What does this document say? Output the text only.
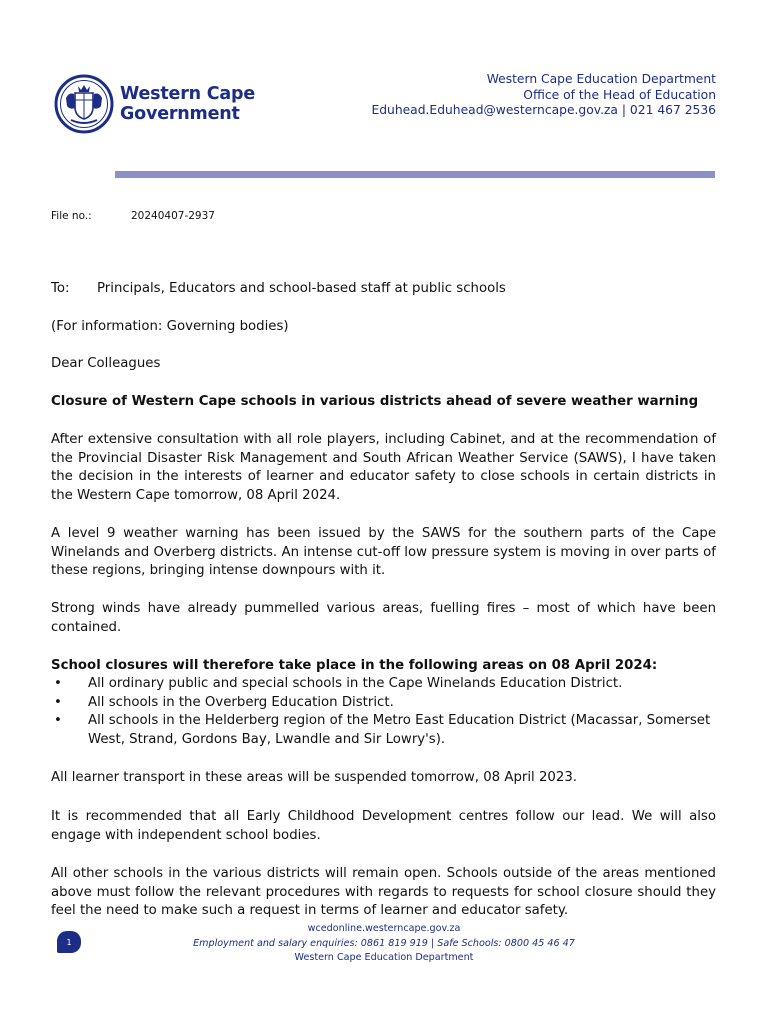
Western Cape
Government
Western Cape Education Department
Office of the Head of Education
Eduhead.Eduhead@westerncape.gov.za | 021 467 2536
File no.:	20240407-2937
To: Principals, Educators and school-based staff at public schools
(For information: Governing bodies)
Dear Colleagues
Closure of Western Cape schools in various districts ahead of severe weather warning
After extensive consultation with all role players, including Cabinet, and at the recommendation of the Provincial Disaster Risk Management and South African Weather Service (SAWS), I have taken the decision in the interests of learner and educator safety to close schools in certain districts in the Western Cape tomorrow, 08 April 2024.
A level 9 weather warning has been issued by the SAWS for the southern parts of the Cape Winelands and Overberg districts. An intense cut-off low pressure system is moving in over parts of these regions, bringing intense downpours with it.
Strong winds have already pummelled various areas, fuelling fires – most of which have been contained.
School closures will therefore take place in the following areas on 08 April 2024:
• All ordinary public and special schools in the Cape Winelands Education District.
• All schools in the Overberg Education District.
• All schools in the Helderberg region of the Metro East Education District (Macassar, Somerset West, Strand, Gordons Bay, Lwandle and Sir Lowry's).
All learner transport in these areas will be suspended tomorrow, 08 April 2023.
It is recommended that all Early Childhood Development centres follow our lead. We will also engage with independent school bodies.
All other schools in the various districts will remain open. Schools outside of the areas mentioned above must follow the relevant procedures with regards to requests for school closure should they feel the need to make such a request in terms of learner and educator safety.
1
wcedonline.westerncape.gov.za
Employment and salary enquiries: 0861 819 919 | Safe Schools: 0800 45 46 47
Western Cape Education Department
